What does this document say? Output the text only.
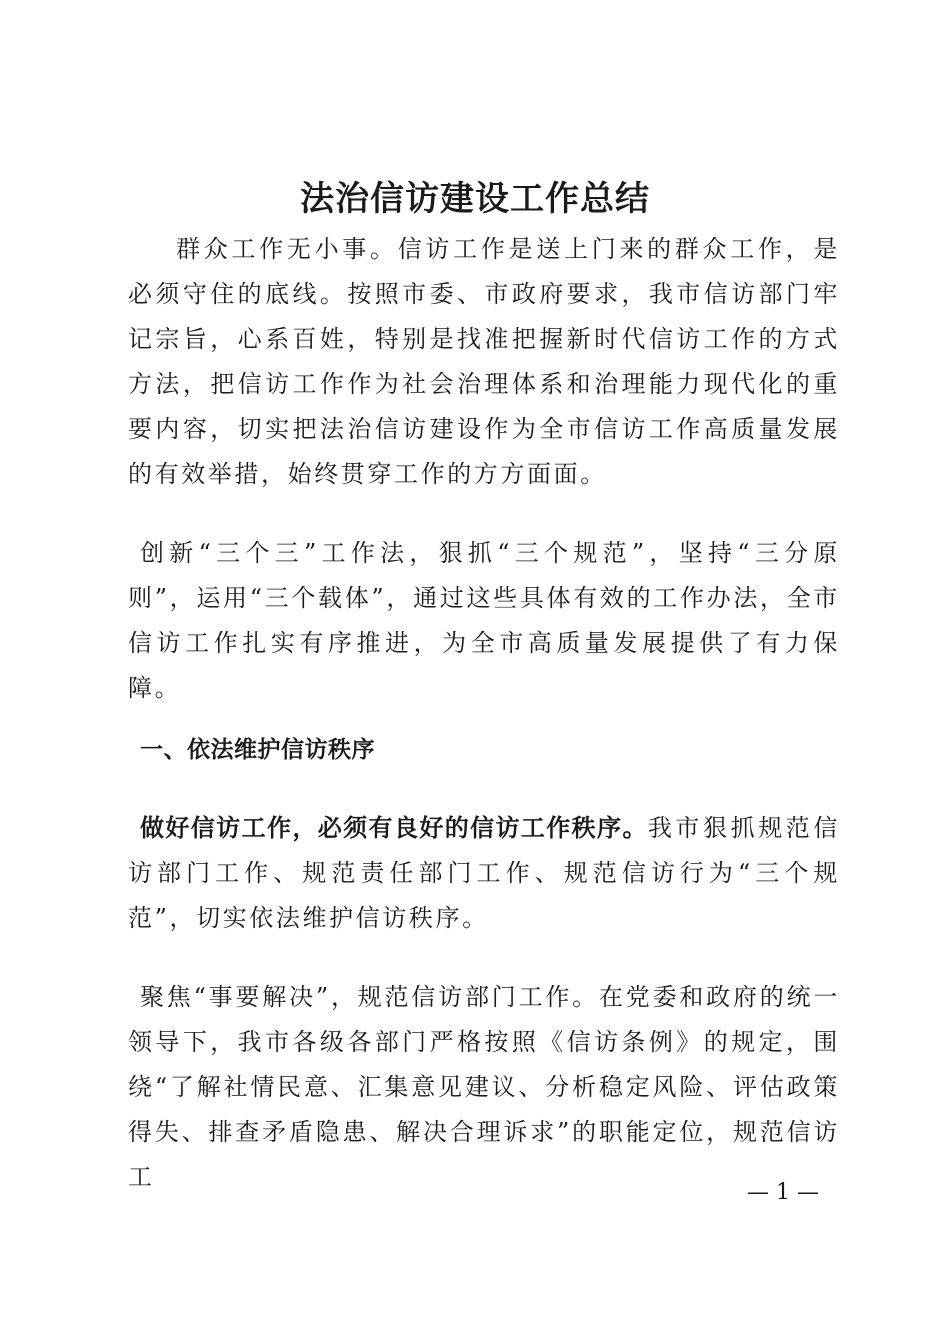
法治信访建设工作总结

群众工作无小事。信访工作是送上门来的群众工作，是必须守住的底线。按照市委、市政府要求，我市信访部门牢记宗旨，心系百姓，特别是找准把握新时代信访工作的方式方法，把信访工作作为社会治理体系和治理能力现代化的重要内容，切实把法治信访建设作为全市信访工作高质量发展的有效举措，始终贯穿工作的方方面面。

创新“三个三”工作法，狠抓“三个规范”，坚持“三分原则”，运用“三个载体”，通过这些具体有效的工作办法，全市信访工作扎实有序推进，为全市高质量发展提供了有力保障。

一、依法维护信访秩序

做好信访工作，必须有良好的信访工作秩序。我市狠抓规范信访部门工作、规范责任部门工作、规范信访行为“三个规范”，切实依法维护信访秩序。

聚焦“事要解决”，规范信访部门工作。在党委和政府的统一领导下，我市各级各部门严格按照《信访条例》的规定，围绕“了解社情民意、汇集意见建议、分析稳定风险、评估政策得失、排查矛盾隐患、解决合理诉求”的职能定位，规范信访工

— 1 —
